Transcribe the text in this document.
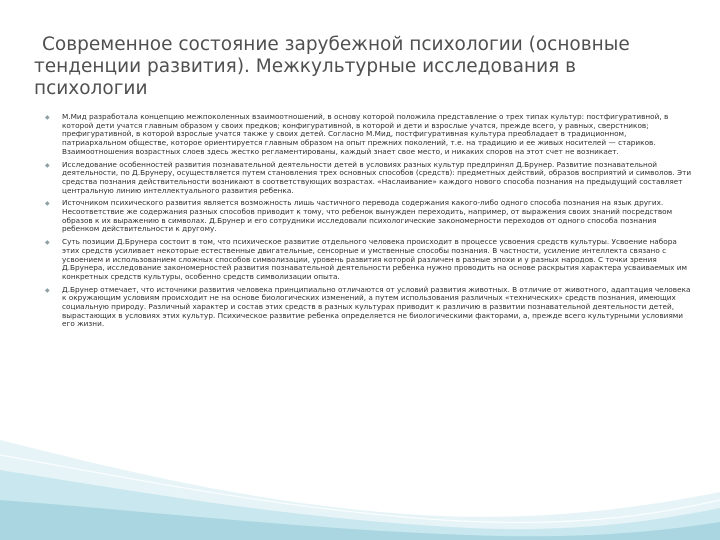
Современное состояние зарубежной психологии (основные тенденции развития). Межкультурные исследования в психологии
◆ М.Мид разработала концепцию межпоколенных взаимоотношений, в основу которой положила представление о трех типах культур: постфигуративной, в которой дети учатся главным образом у своих предков; конфигуративной, в которой и дети и взрослые учатся, прежде всего, у равных, сверстников; префигуративной, в которой взрослые учатся также у своих детей. Согласно М.Мид, постфигуративная культура преобладает в традиционном, патриархальном обществе, которое ориентируется главным образом на опыт прежних поколений, т.е. на традицию и ее живых носителей — стариков. Взаимоотношения возрастных слоев здесь жестко регламентированы, каждый знает свое место, и никаких споров на этот счет не возникает.
◆ Исследование особенностей развития познавательной деятельности детей в условиях разных культур предпринял Д.Брунер. Развитие познавательной деятельности, по Д.Брунеру, осуществляется путем становления трех основных способов (средств): предметных действий, образов восприятий и символов. Эти средства познания действительности возникают в соответствующих возрастах. «Наслаивание» каждого нового способа познания на предыдущий составляет центральную линию интеллектуального развития ребенка.
◆ Источником психического развития является возможность лишь частичного перевода содержания какого-либо одного способа познания на язык других. Несоответствие же содержания разных способов приводит к тому, что ребенок вынужден переходить, например, от выражения своих знаний посредством образов к их выражению в символах. Д.Брунер и его сотрудники исследовали психологические закономерности переходов от одного способа познания ребенком действительности к другому.
◆ Суть позиции Д.Брунера состоит в том, что психическое развитие отдельного человека происходит в процессе усвоения средств культуры. Усвоение набора этих средств усиливает некоторые естественные двигательные, сенсорные и умственные способы познания. В частности, усиление интеллекта связано с усвоением и использованием сложных способов символизации, уровень развития которой различен в разные эпохи и у разных народов. С точки зрения Д.Брунера, исследование закономерностей развития познавательной деятельности ребенка нужно проводить на основе раскрытия характера усваиваемых им конкретных средств культуры, особенно средств символизации опыта.
◆ Д.Брунер отмечает, что источники развития человека принципиально отличаются от условий развития животных. В отличие от животного, адаптация человека к окружающим условиям происходит не на основе биологических изменений, а путем использования различных «технических» средств познания, имеющих социальную природу. Различный характер и состав этих средств в разных культурах приводит к различию в развитии познавательной деятельности детей, вырастающих в условиях этих культур. Психическое развитие ребенка определяется не биологическими факторами, а, прежде всего культурными условиями его жизни.
